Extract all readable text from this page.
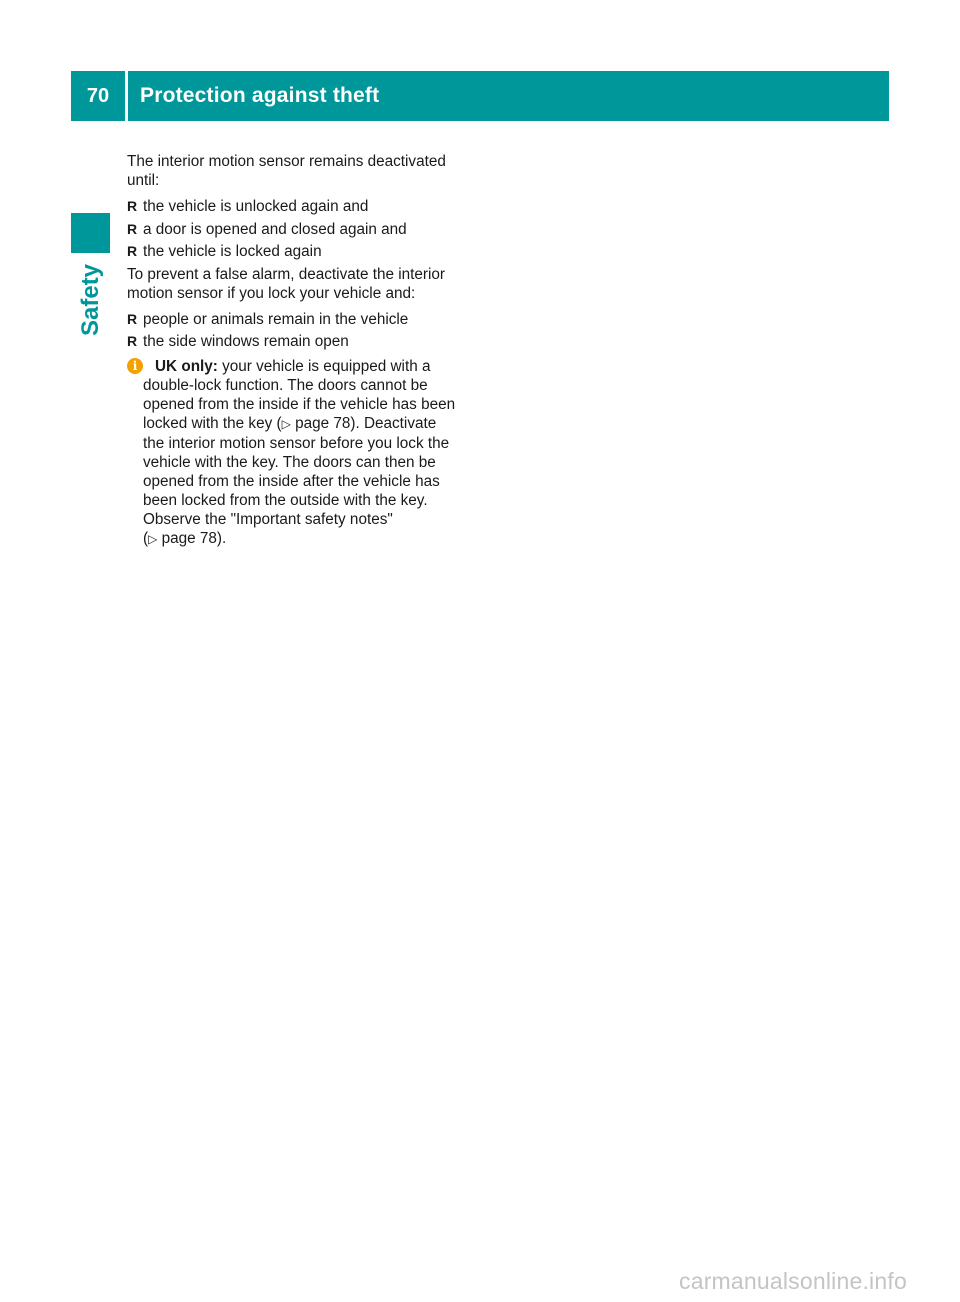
70	Protection against theft
Safety

The interior motion sensor remains deactivated until:

R the vehicle is unlocked again and
R a door is opened and closed again and
R the vehicle is locked again

To prevent a false alarm, deactivate the interior motion sensor if you lock your vehicle and:

R people or animals remain in the vehicle
R the side windows remain open
i	UK only: your vehicle is equipped with a
double-lock function. The doors cannot be
opened from the inside if the vehicle has been
locked with the key (▷ page 78). Deactivate
the interior motion sensor before you lock the
vehicle with the key. The doors can then be
opened from the inside after the vehicle has
been locked from the outside with the key.
Observe the "Important safety notes"
(▷ page 78).
carmanualsonline.info
